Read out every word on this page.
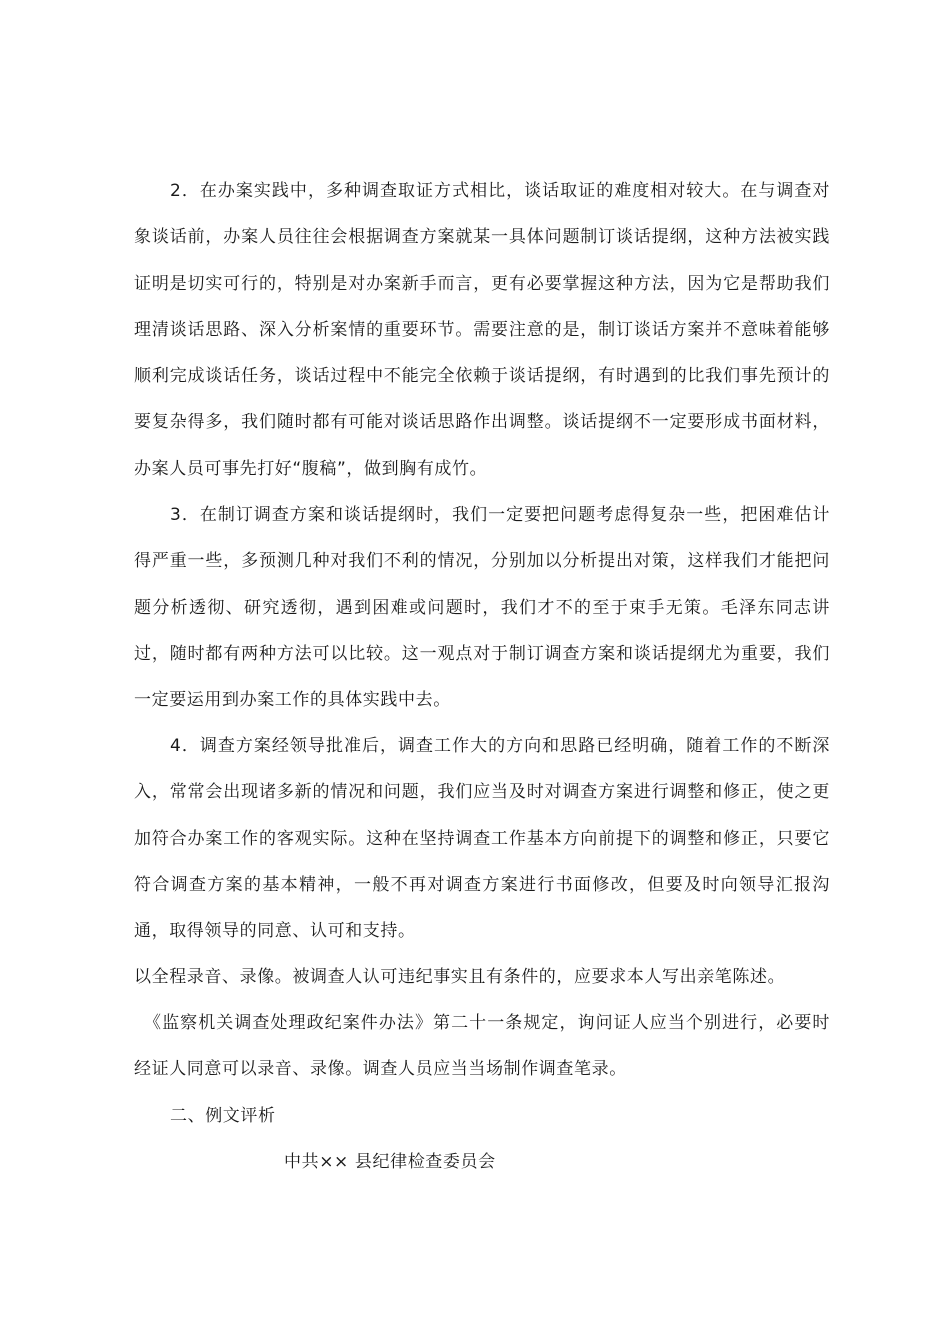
2．在办案实践中，多种调查取证方式相比，谈话取证的难度相对较大。在与调查对象谈话前，办案人员往往会根据调查方案就某一具体问题制订谈话提纲，这种方法被实践证明是切实可行的，特别是对办案新手而言，更有必要掌握这种方法，因为它是帮助我们理清谈话思路、深入分析案情的重要环节。需要注意的是，制订谈话方案并不意味着能够顺利完成谈话任务，谈话过程中不能完全依赖于谈话提纲，有时遇到的比我们事先预计的要复杂得多，我们随时都有可能对谈话思路作出调整。谈话提纲不一定要形成书面材料，办案人员可事先打好“腹稿”，做到胸有成竹。

3．在制订调查方案和谈话提纲时，我们一定要把问题考虑得复杂一些，把困难估计得严重一些，多预测几种对我们不利的情况，分别加以分析提出对策，这样我们才能把问题分析透彻、研究透彻，遇到困难或问题时，我们才不的至于束手无策。毛泽东同志讲过，随时都有两种方法可以比较。这一观点对于制订调查方案和谈话提纲尤为重要，我们一定要运用到办案工作的具体实践中去。

4．调查方案经领导批准后，调查工作大的方向和思路已经明确，随着工作的不断深入，常常会出现诸多新的情况和问题，我们应当及时对调查方案进行调整和修正，使之更加符合办案工作的客观实际。这种在坚持调查工作基本方向前提下的调整和修正，只要它符合调查方案的基本精神，一般不再对调查方案进行书面修改，但要及时向领导汇报沟通，取得领导的同意、认可和支持。

以全程录音、录像。被调查人认可违纪事实且有条件的，应要求本人写出亲笔陈述。

《监察机关调查处理政纪案件办法》第二十一条规定，询问证人应当个别进行，必要时经证人同意可以录音、录像。调查人员应当当场制作调查笔录。

二、例文评析

中共×× 县纪律检查委员会
